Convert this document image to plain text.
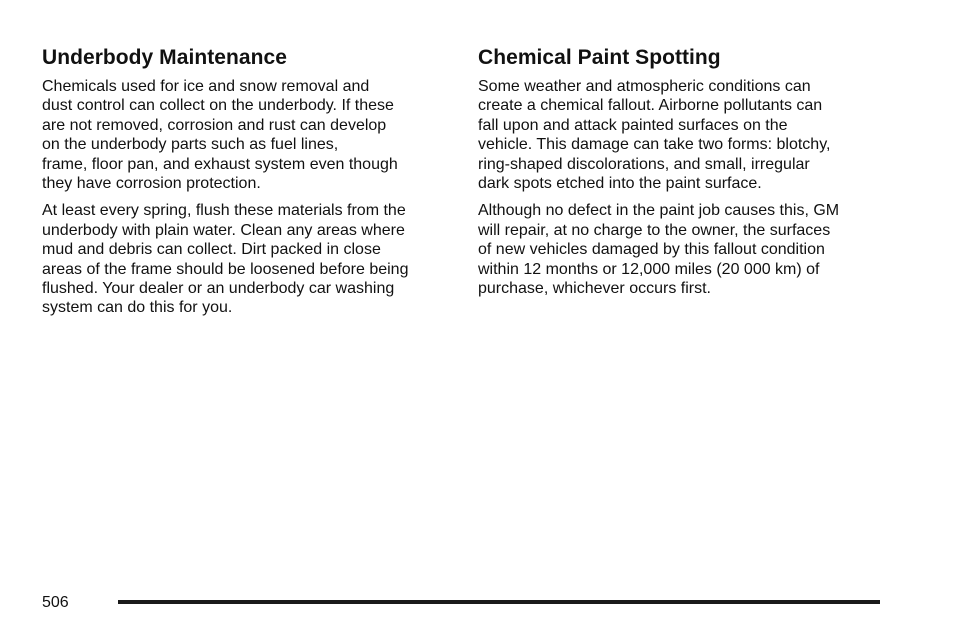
Underbody Maintenance

Chemicals used for ice and snow removal and
dust control can collect on the underbody. If these
are not removed, corrosion and rust can develop
on the underbody parts such as fuel lines,
frame, floor pan, and exhaust system even though
they have corrosion protection.

At least every spring, flush these materials from the
underbody with plain water. Clean any areas where
mud and debris can collect. Dirt packed in close
areas of the frame should be loosened before being
flushed. Your dealer or an underbody car washing
system can do this for you.

Chemical Paint Spotting

Some weather and atmospheric conditions can
create a chemical fallout. Airborne pollutants can
fall upon and attack painted surfaces on the
vehicle. This damage can take two forms: blotchy,
ring-shaped discolorations, and small, irregular
dark spots etched into the paint surface.

Although no defect in the paint job causes this, GM
will repair, at no charge to the owner, the surfaces
of new vehicles damaged by this fallout condition
within 12 months or 12,000 miles (20 000 km) of
purchase, whichever occurs first.

506
